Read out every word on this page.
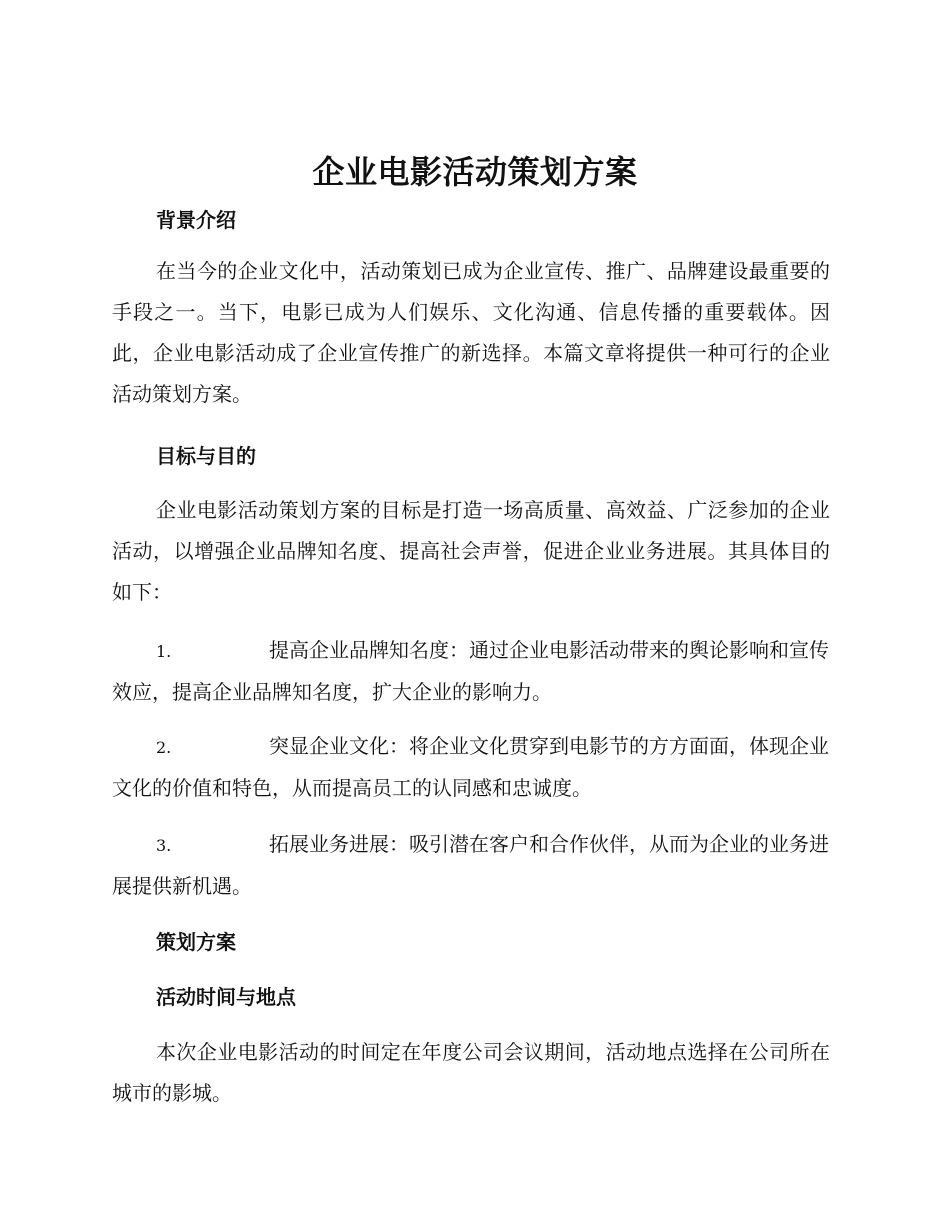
企业电影活动策划方案
背景介绍

在当今的企业文化中，活动策划已成为企业宣传、推广、品牌建设最重要的手段之一。当下，电影已成为人们娱乐、文化沟通、信息传播的重要载体。因此，企业电影活动成了企业宣传推广的新选择。本篇文章将提供一种可行的企业活动策划方案。

目标与目的

企业电影活动策划方案的目标是打造一场高质量、高效益、广泛参加的企业活动，以增强企业品牌知名度、提高社会声誉，促进企业业务进展。其具体目的如下：

1.	提高企业品牌知名度：通过企业电影活动带来的舆论影响和宣传效应，提高企业品牌知名度，扩大企业的影响力。

2.	突显企业文化：将企业文化贯穿到电影节的方方面面，体现企业文化的价值和特色，从而提高员工的认同感和忠诚度。

3.	拓展业务进展：吸引潜在客户和合作伙伴，从而为企业的业务进展提供新机遇。

策划方案
活动时间与地点

本次企业电影活动的时间定在年度公司会议期间，活动地点选择在公司所在城市的影城。
